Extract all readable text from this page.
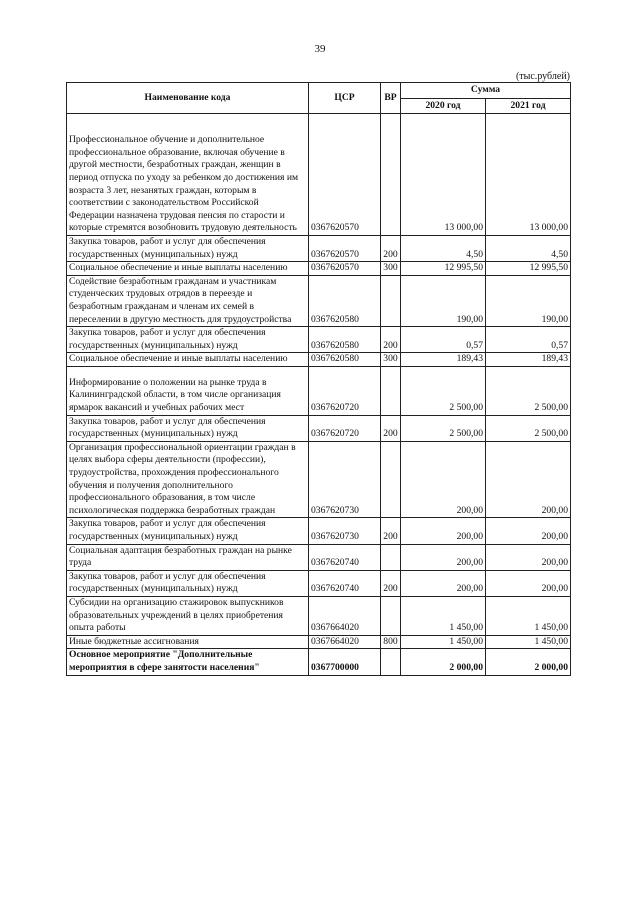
39
(тыс.рублей)
Наименование кода	ЦСР	ВР	Сумма	
			2020 год	2021 год
Профессиональное обучение и дополнительное профессиональное образование, включая обучение в другой местности, безработных граждан, женщин в период отпуска по уходу за ребенком до достижения им возраста 3 лет, незанятых граждан, которым в соответствии с законодательством Российской Федерации назначена трудовая пенсия по старости и которые стремятся возобновить трудовую деятельность	0367620570		13 000,00	13 000,00
Закупка товаров, работ и услуг для обеспечения государственных (муниципальных) нужд	0367620570	200	4,50	4,50
Социальное обеспечение и иные выплаты населению	0367620570	300	12 995,50	12 995,50
Содействие безработным гражданам и участникам студенческих трудовых отрядов в переезде и безработным гражданам и членам их семей в переселении в другую местность для трудоустройства	0367620580		190,00	190,00
Закупка товаров, работ и услуг для обеспечения государственных (муниципальных) нужд	0367620580	200	0,57	0,57
Социальное обеспечение и иные выплаты населению	0367620580	300	189,43	189,43
Информирование о положении на рынке труда в Калининградской области, в том числе организация ярмарок вакансий и учебных рабочих мест	0367620720		2 500,00	2 500,00
Закупка товаров, работ и услуг для обеспечения государственных (муниципальных) нужд	0367620720	200	2 500,00	2 500,00
Организация профессиональной ориентации граждан в целях выбора сферы деятельности (профессии), трудоустройства, прохождения профессионального обучения и получения дополнительного профессионального образования, в том числе психологическая поддержка безработных граждан	0367620730		200,00	200,00
Закупка товаров, работ и услуг для обеспечения государственных (муниципальных) нужд	0367620730	200	200,00	200,00
Социальная адаптация безработных граждан на рынке труда	0367620740		200,00	200,00
Закупка товаров, работ и услуг для обеспечения государственных (муниципальных) нужд	0367620740	200	200,00	200,00
Субсидии на организацию стажировок выпускников образовательных учреждений в целях приобретения опыта работы	0367664020		1 450,00	1 450,00
Иные бюджетные ассигнования	0367664020	800	1 450,00	1 450,00
Основное мероприятие "Дополнительные мероприятия в сфере занятости населения"	0367700000		2 000,00	2 000,00
